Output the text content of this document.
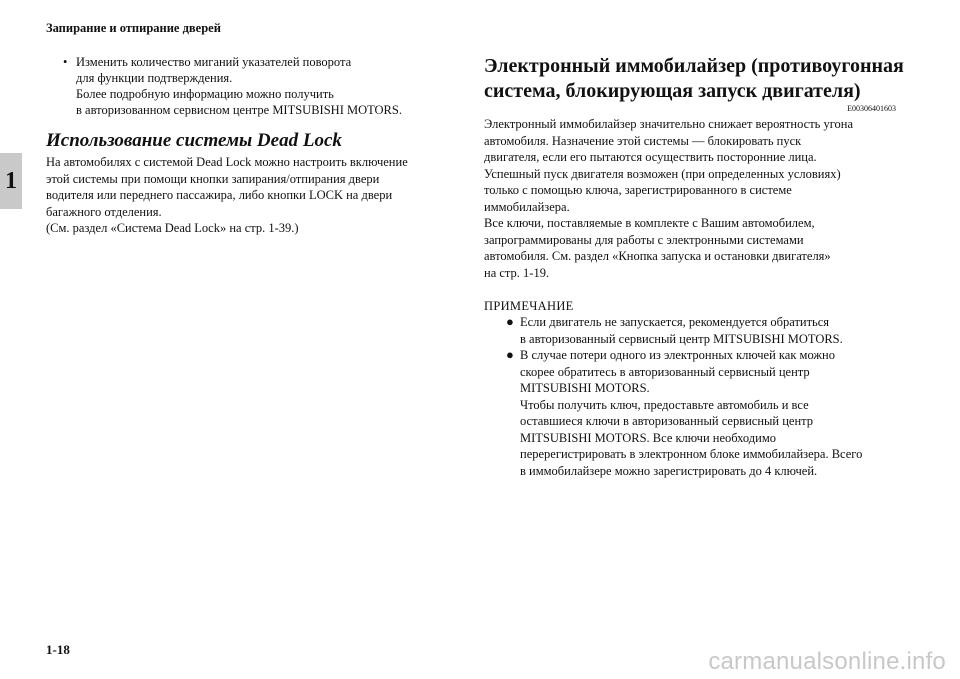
Запирание и отпирание дверей
1
• Изменить количество миганий указателей поворота
для функции подтверждения.
Более подробную информацию можно получить
в авторизованном сервисном центре MITSUBISHI MOTORS.
Использование системы Dead Lock
На автомобилях с системой Dead Lock можно настроить включение
этой системы при помощи кнопки запирания/отпирания двери
водителя или переднего пассажира, либо кнопки LOCK на двери
багажного отделения.
(См. раздел «Система Dead Lock» на стр. 1-39.)
Электронный иммобилайзер (противоугонная
система, блокирующая запуск двигателя)
E00306401603
Электронный иммобилайзер значительно снижает вероятность угона
автомобиля. Назначение этой системы — блокировать пуск
двигателя, если его пытаются осуществить посторонние лица.
Успешный пуск двигателя возможен (при определенных условиях)
только с помощью ключа, зарегистрированного в системе
иммобилайзера.
Все ключи, поставляемые в комплекте с Вашим автомобилем,
запрограммированы для работы с электронными системами
автомобиля. См. раздел «Кнопка запуска и остановки двигателя»
на стр. 1-19.
ПРИМЕЧАНИЕ
● Если двигатель не запускается, рекомендуется обратиться
в авторизованный сервисный центр MITSUBISHI MOTORS.
● В случае потери одного из электронных ключей как можно
скорее обратитесь в авторизованный сервисный центр
MITSUBISHI MOTORS.
Чтобы получить ключ, предоставьте автомобиль и все
оставшиеся ключи в авторизованный сервисный центр
MITSUBISHI MOTORS. Все ключи необходимо
перерегистрировать в электронном блоке иммобилайзера. Всего
в иммобилайзере можно зарегистрировать до 4 ключей.
1-18	carmanualsonline.info
